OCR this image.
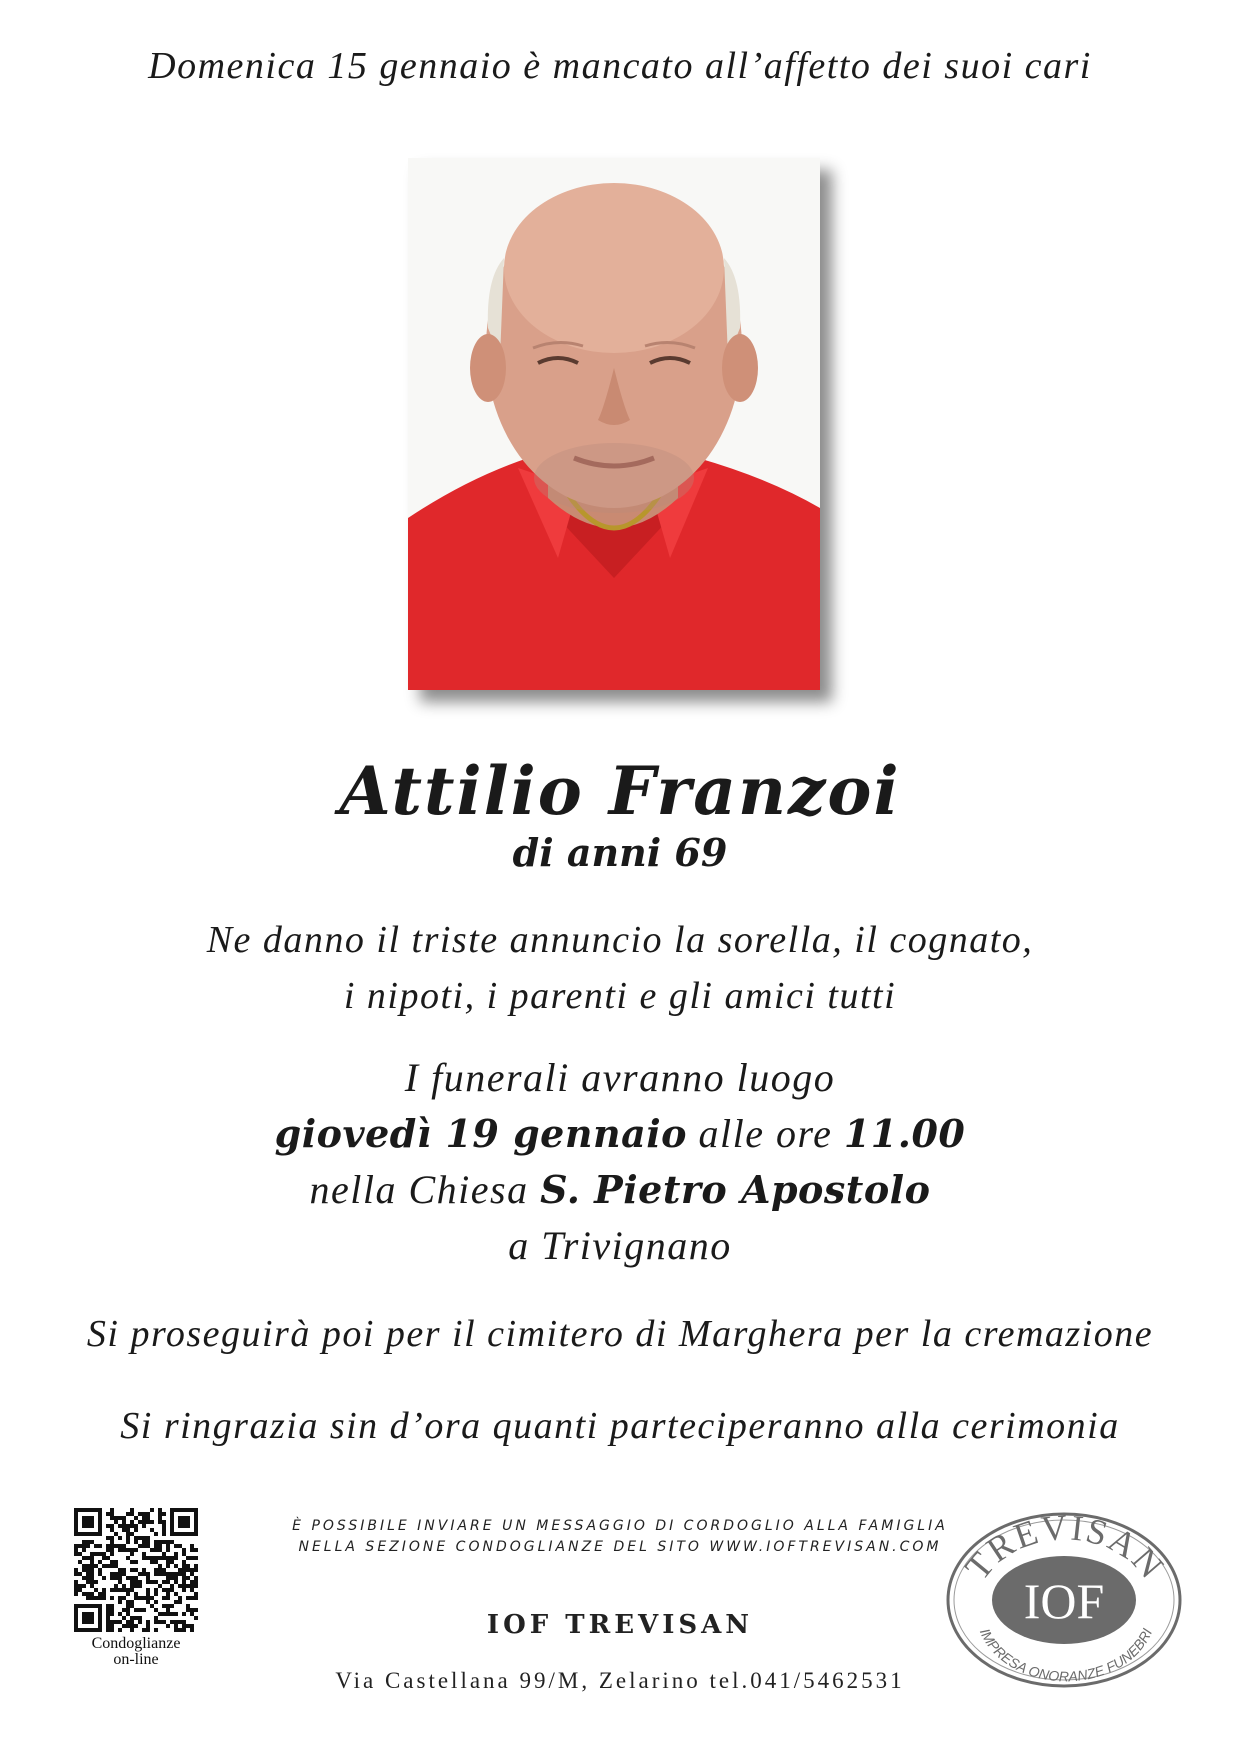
Domenica 15 gennaio è mancato all’affetto dei suoi cari
Attilio Franzoi
di anni 69
Ne danno il triste annuncio la sorella, il cognato,
i nipoti, i parenti e gli amici tutti
I funerali avranno luogo
giovedì 19 gennaio alle ore 11.00
nella Chiesa S. Pietro Apostolo
a Trivignano
Si proseguirà poi per il cimitero di Marghera per la cremazione
Si ringrazia sin d’ora quanti parteciperanno alla cerimonia
Condoglianze
on-line
È POSSIBILE INVIARE UN MESSAGGIO DI CORDOGLIO ALLA FAMIGLIA
NELLA SEZIONE CONDOGLIANZE DEL SITO WWW.IOFTREVISAN.COM
IOF TREVISAN
Via Castellana 99/M, Zelarino tel.041/5462531
TREVISAN
IOF
IMPRESA ONORANZE FUNEBRI
